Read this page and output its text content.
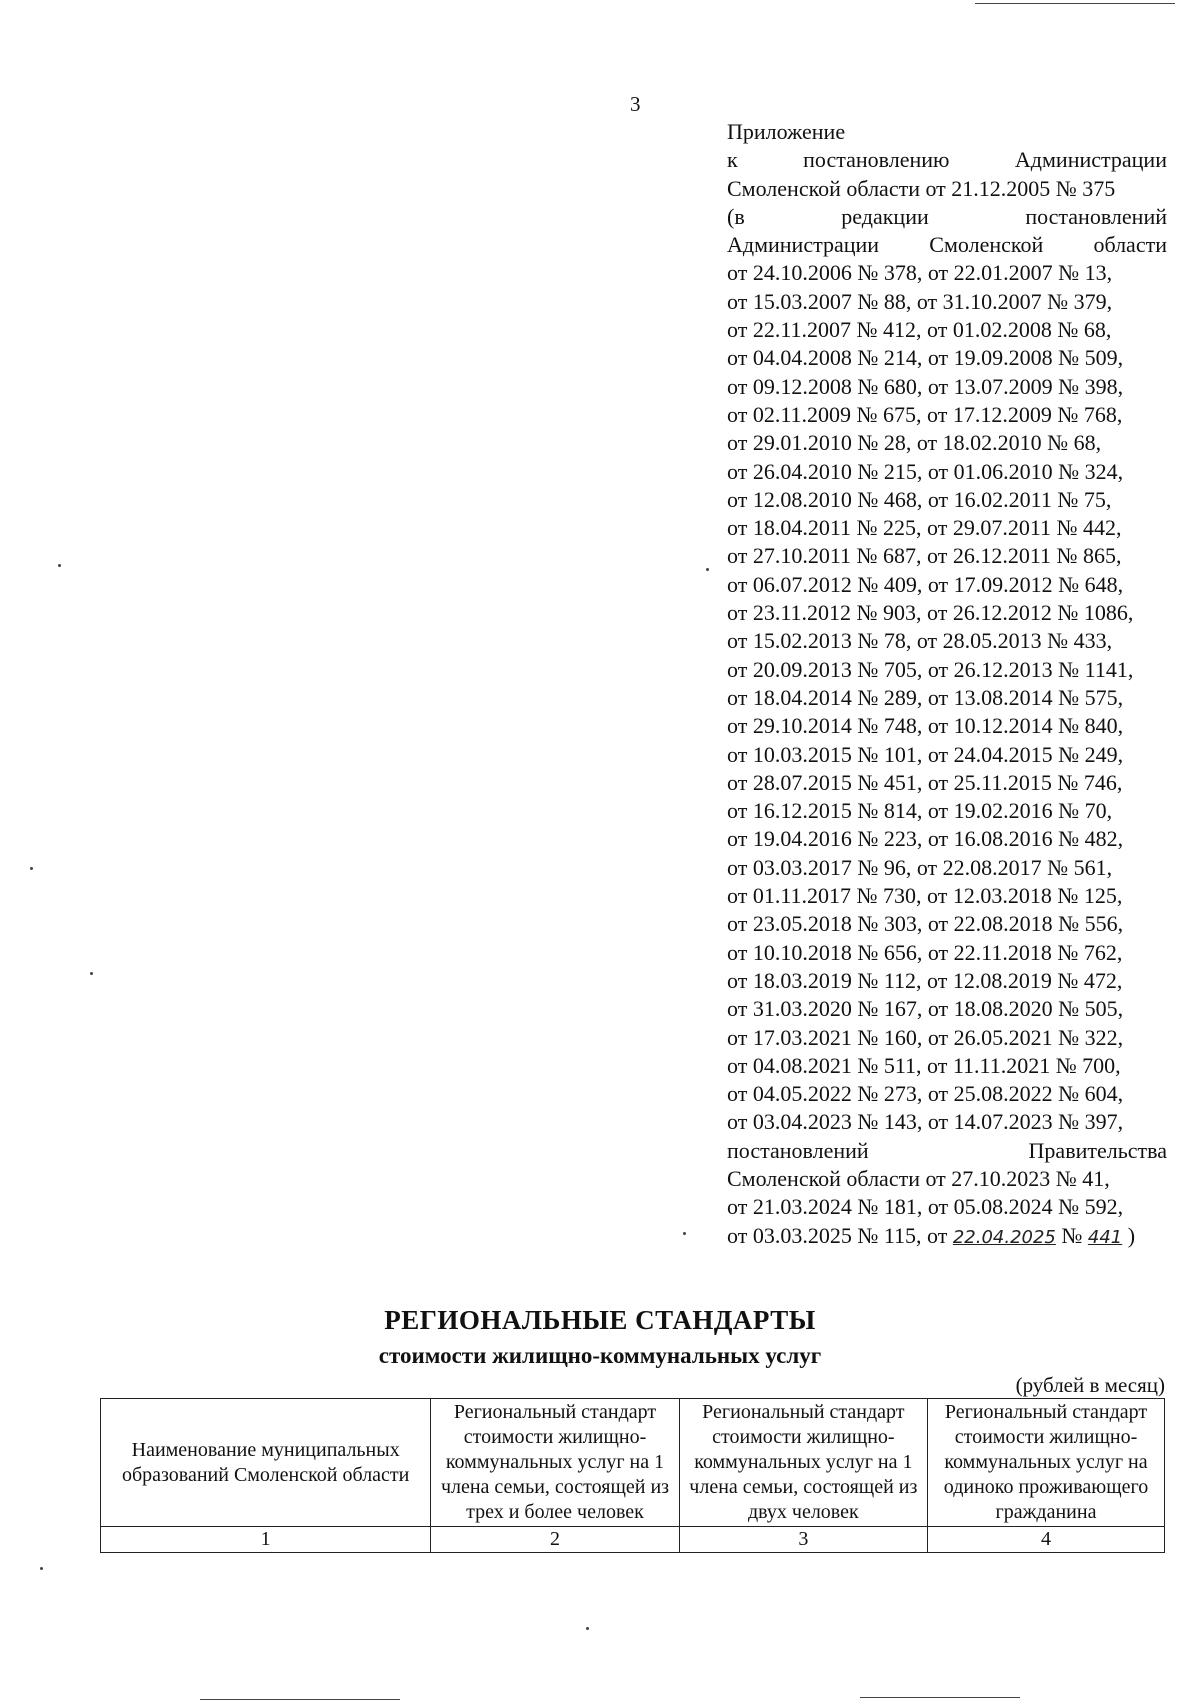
3
Приложение
к	постановлению	Администрации
Смоленской области от 21.12.2005 № 375
(в	редакции	постановлений
Администрации Смоленской области
от 24.10.2006 № 378, от 22.01.2007 № 13,
от 15.03.2007 № 88, от 31.10.2007 № 379,
от 22.11.2007 № 412, от 01.02.2008 № 68,
от 04.04.2008 № 214, от 19.09.2008 № 509,
от 09.12.2008 № 680, от 13.07.2009 № 398,
от 02.11.2009 № 675, от 17.12.2009 № 768,
от 29.01.2010 № 28, от 18.02.2010 № 68,
от 26.04.2010 № 215, от 01.06.2010 № 324,
от 12.08.2010 № 468, от 16.02.2011 № 75,
от 18.04.2011 № 225, от 29.07.2011 № 442,
от 27.10.2011 № 687, от 26.12.2011 № 865,
от 06.07.2012 № 409, от 17.09.2012 № 648,
от 23.11.2012 № 903, от 26.12.2012 № 1086,
от 15.02.2013 № 78, от 28.05.2013 № 433,
от 20.09.2013 № 705, от 26.12.2013 № 1141,
от 18.04.2014 № 289, от 13.08.2014 № 575,
от 29.10.2014 № 748, от 10.12.2014 № 840,
от 10.03.2015 № 101, от 24.04.2015 № 249,
от 28.07.2015 № 451, от 25.11.2015 № 746,
от 16.12.2015 № 814, от 19.02.2016 № 70,
от 19.04.2016 № 223, от 16.08.2016 № 482,
от 03.03.2017 № 96, от 22.08.2017 № 561,
от 01.11.2017 № 730, от 12.03.2018 № 125,
от 23.05.2018 № 303, от 22.08.2018 № 556,
от 10.10.2018 № 656, от 22.11.2018 № 762,
от 18.03.2019 № 112, от 12.08.2019 № 472,
от 31.03.2020 № 167, от 18.08.2020 № 505,
от 17.03.2021 № 160, от 26.05.2021 № 322,
от 04.08.2021 № 511, от 11.11.2021 № 700,
от 04.05.2022 № 273, от 25.08.2022 № 604,
от 03.04.2023 № 143, от 14.07.2023 № 397,
постановлений	Правительства
Смоленской области от 27.10.2023 № 41,
от 21.03.2024 № 181, от 05.08.2024 № 592,
от 03.03.2025 № 115, от 22.04.2025 № 441 )
РЕГИОНАЛЬНЫЕ СТАНДАРТЫ
стоимости жилищно-коммунальных услуг
(рублей в месяц)
Наименование муниципальных образований Смоленской области	Региональный стандарт стоимости жилищно-коммунальных услуг на 1 члена семьи, состоящей из трех и более человек	Региональный стандарт стоимости жилищно-коммунальных услуг на 1 члена семьи, состоящей из двух человек	Региональный стандарт стоимости жилищно-коммунальных услуг на одиноко проживающего гражданина
1	2	3	4
